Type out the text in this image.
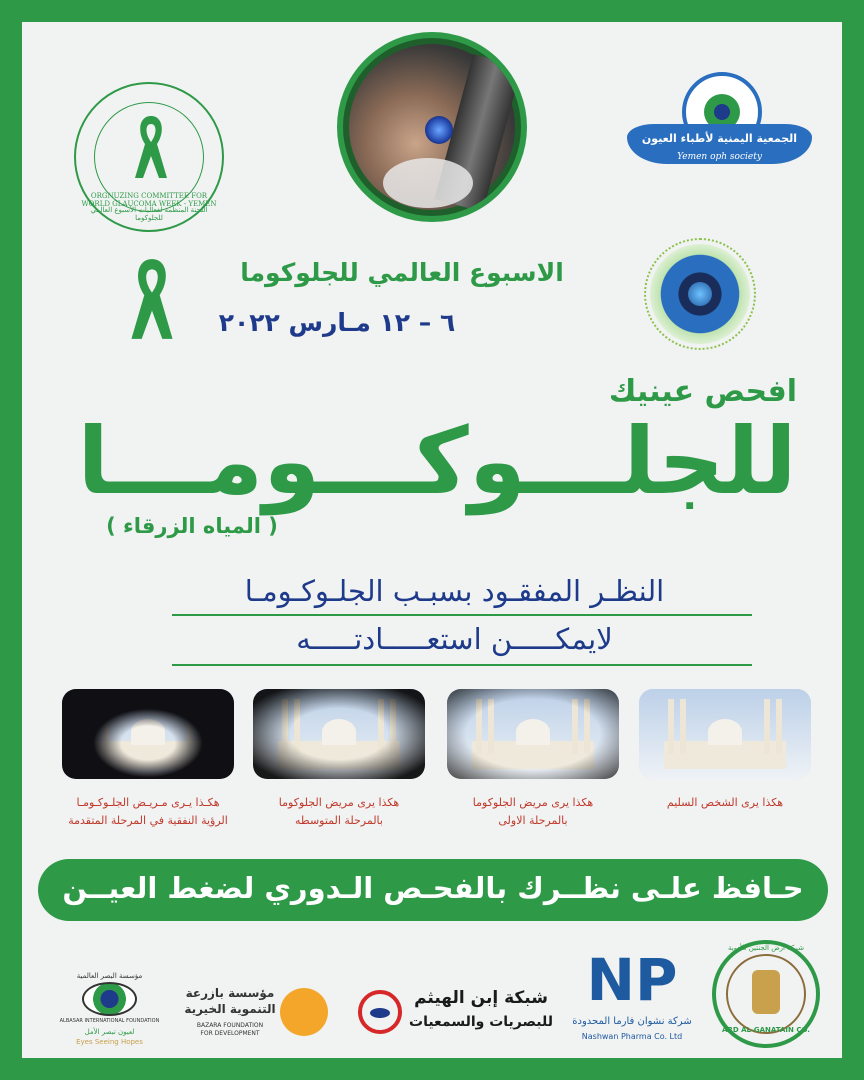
ORGNUZING COMMITTEE FOR WORLD GLAUCOMA WEEK - YEMEN
اللجنة المنظمة لفعاليات الأسبوع العالمي للجلوكوما
الجمعية اليمنية لأطباء العيون
Yemen oph society
الاسبوع العالمي للجلوكوما
٦ – ١٢ مـارس ٢٠٢٢
افحص عينيك
للجلـــوكـــومـــا
( المياه الزرقاء )
النظـر المفقـود بسبـب الجلـوكـومـا
لايمكـــــن استعـــــادتـــــه
هكذا يرى الشخص السليم
هكذا يرى مريض الجلوكوما
بالمرحلة الاولى
هكذا يرى مريض الجلوكوما
بالمرحلة المتوسطه
هكـذا يـرى مـريـض الجلـوكـومـا
الرؤية النفقية في المرحلة المتقدمة
حـافظ علـى نظــرك بالفحـص الـدوري لضغط العيــن
شركة أرض الجنتين للأدوية
ARD AL-GANATAIN CO.
NP
شركة نشوان فارما المحدودة
Nashwan Pharma Co. Ltd
شبكة إبن الهيثم
للبصريات والسمعيات
مؤسسة بازرعة
التنموية الخيرية
BAZARA FOUNDATION
FOR DEVELOPMENT
مؤسسة البصر العالمية
ALBASAR INTERNATIONAL FOUNDATION
لعيون تبصر الأمل
Eyes Seeing Hopes
